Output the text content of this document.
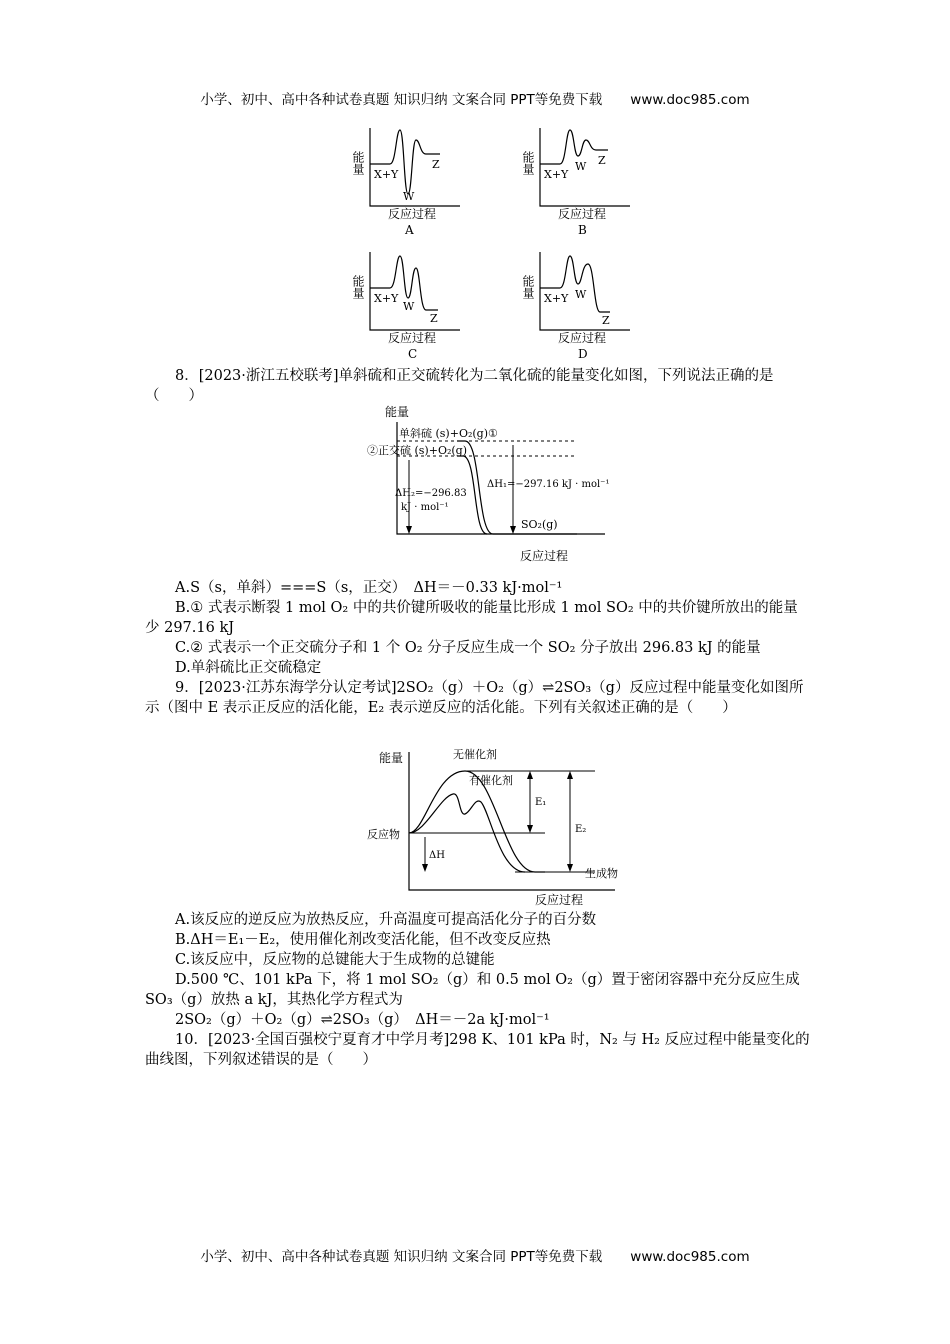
小学、初中、高中各种试卷真题 知识归纳 文案合同 PPT等免费下载 www.doc985.com
小学、初中、高中各种试卷真题 知识归纳 文案合同 PPT等免费下载 www.doc985.com
能量 X+Y
W
Z
反应过程
A
能量 X+Y
W Z
反应过程
B
能量 X+Y
W
Z
反应过程
C
能量 X+Y W
Z
反应过程
D

8．[2023·浙江五校联考]单斜硫和正交硫转化为二氧化硫的能量变化如图，下列说法正确的是（　　）

能量
单斜硫 (s)+O₂(g)①
②正交硫 (s)+O₂(g)
ΔH₂=−296.83
kJ · mol⁻¹
ΔH₁=−297.16 kJ · mol⁻¹
SO₂(g)
反应过程

A.S（s，单斜）===S（s，正交）　ΔH＝－0.33 kJ·mol⁻¹

B.① 式表示断裂 1 mol O₂ 中的共价键所吸收的能量比形成 1 mol SO₂ 中的共价键所放出的能量少 297.16 kJ

C.② 式表示一个正交硫分子和 1 个 O₂ 分子反应生成一个 SO₂ 分子放出 296.83 kJ 的能量

D.单斜硫比正交硫稳定

9．[2023·江苏东海学分认定考试]2SO₂（g）＋O₂（g）⇌2SO₃（g）反应过程中能量变化如图所示（图中 E 表示正反应的活化能，E₂ 表示逆反应的活化能。下列有关叙述正确的是（　　）

能量	无催化剂
有催化剂
E₁
E₂
ΔH
反应物
生成物
反应过程

A.该反应的逆反应为放热反应，升高温度可提高活化分子的百分数

B.ΔH＝E₁－E₂，使用催化剂改变活化能，但不改变反应热

C.该反应中，反应物的总键能大于生成物的总键能

D.500 ℃、101 kPa 下，将 1 mol SO₂（g）和 0.5 mol O₂（g）置于密闭容器中充分反应生成 SO₃（g）放热 a kJ，其热化学方程式为

2SO₂（g）＋O₂（g）⇌2SO₃（g）　ΔH＝－2a kJ·mol⁻¹

10．[2023·全国百强校宁夏育才中学月考]298 K、101 kPa 时，N₂ 与 H₂ 反应过程中能量变化的曲线图，下列叙述错误的是（　　）
